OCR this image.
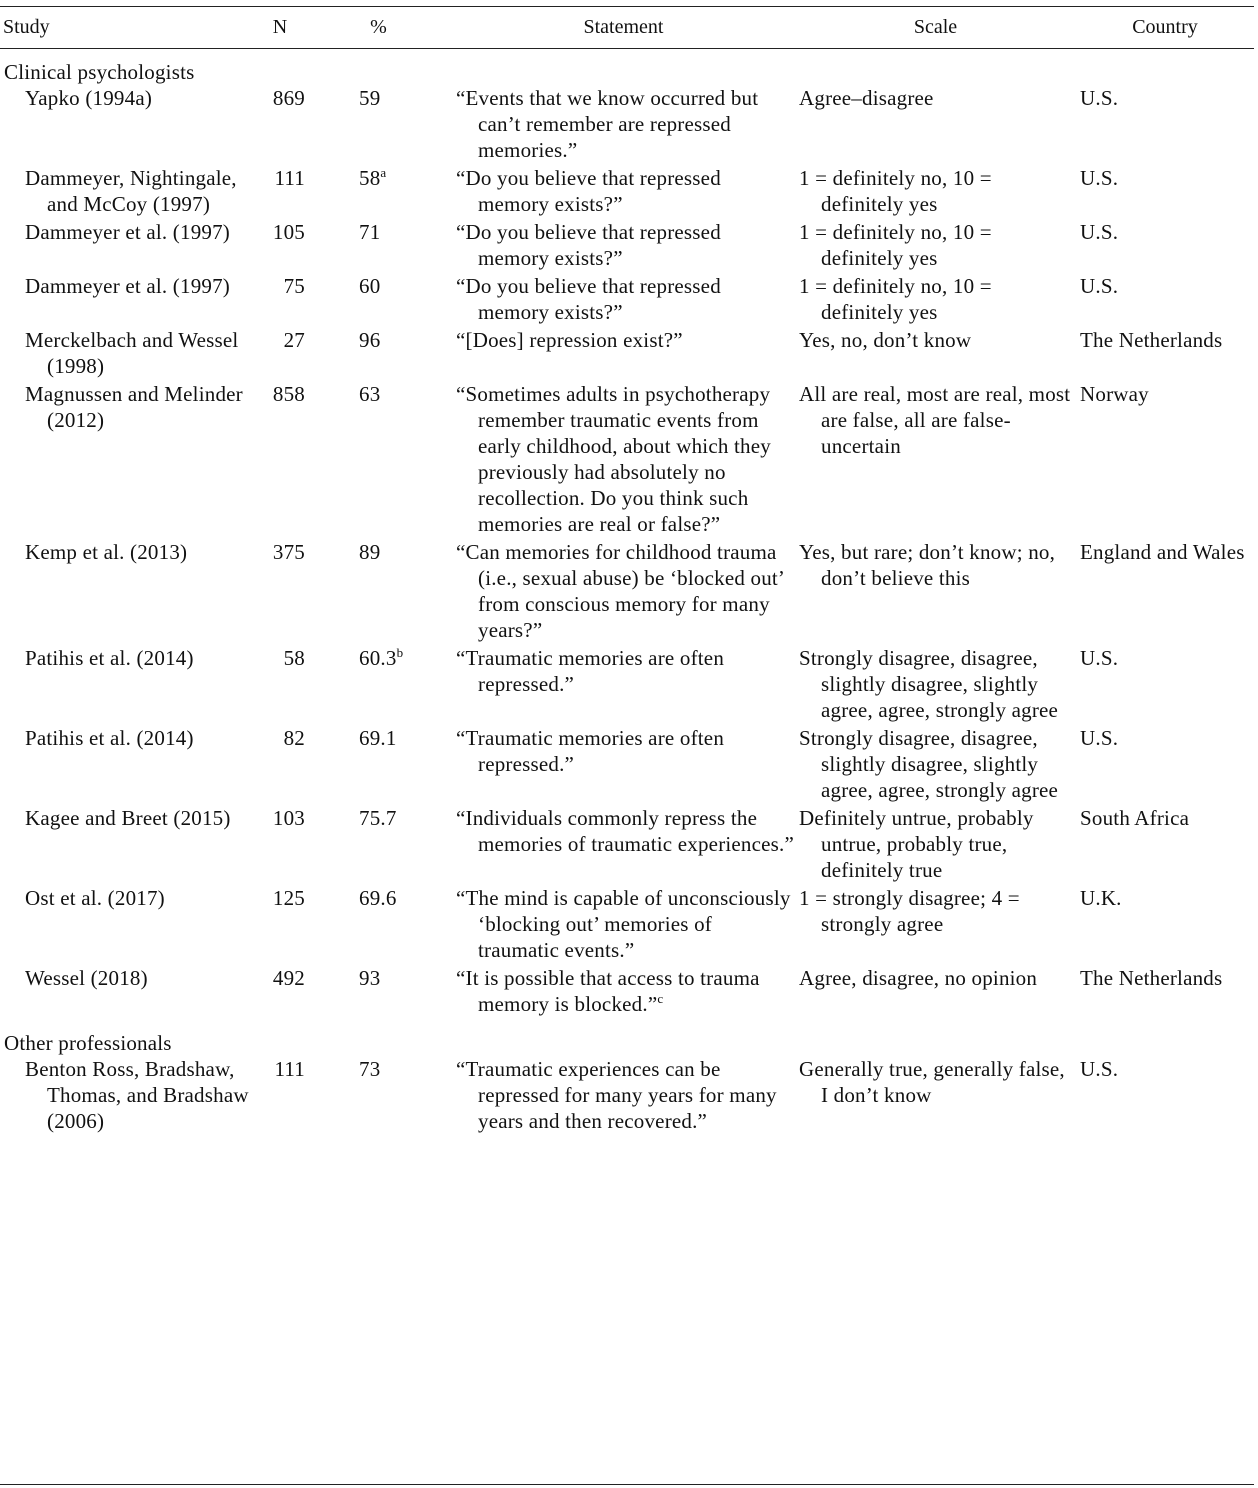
Study	N	%	Statement	Scale	Country
Clinical psychologists					
Yapko (1994a)	869	59	“Events that we know occurred but can’t remember are repressed memories.”	Agree–disagree	U.S.
Dammeyer, Nightingale, and McCoy (1997)	111	58$^a$	“Do you believe that repressed memory exists?”	1 = definitely no, 10 = definitely yes	U.S.
Dammeyer et al. (1997)	105	71	“Do you believe that repressed memory exists?”	1 = definitely no, 10 = definitely yes	U.S.
Dammeyer et al. (1997)	75	60	“Do you believe that repressed memory exists?”	1 = definitely no, 10 = definitely yes	U.S.
Merckelbach and Wessel (1998)	27	96	“[Does] repression exist?”	Yes, no, don’t know	The Netherlands
Magnussen and Melinder (2012)	858	63	“Sometimes adults in psychotherapy remember traumatic events from early childhood, about which they previously had absolutely no recollection. Do you think such memories are real or false?”	All are real, most are real, most are false, all are false-uncertain	Norway
Kemp et al. (2013)	375	89	“Can memories for childhood trauma (i.e., sexual abuse) be ‘blocked out’ from conscious memory for many years?”	Yes, but rare; don’t know; no, don’t believe this	England and Wales
Patihis et al. (2014)	58	60.3$^b$	“Traumatic memories are often repressed.”	Strongly disagree, disagree, slightly disagree, slightly agree, agree, strongly agree	U.S.
Patihis et al. (2014)	82	69.1	“Traumatic memories are often repressed.”	Strongly disagree, disagree, slightly disagree, slightly agree, agree, strongly agree	U.S.
Kagee and Breet (2015)	103	75.7	“Individuals commonly repress the memories of traumatic experiences.”	Definitely untrue, probably untrue, probably true, definitely true	South Africa
Ost et al. (2017)	125	69.6	“The mind is capable of unconsciously ‘blocking out’ memories of traumatic events.”	1 = strongly disagree; 4 = strongly agree	U.K.
Wessel (2018)	492	93	“It is possible that access to trauma memory is blocked.”$^c$	Agree, disagree, no opinion	The Netherlands
Other professionals					
Benton Ross, Bradshaw, Thomas, and Bradshaw (2006)	111	73	“Traumatic experiences can be repressed for many years for many years and then recovered.”	Generally true, generally false, I don’t know	U.S.
